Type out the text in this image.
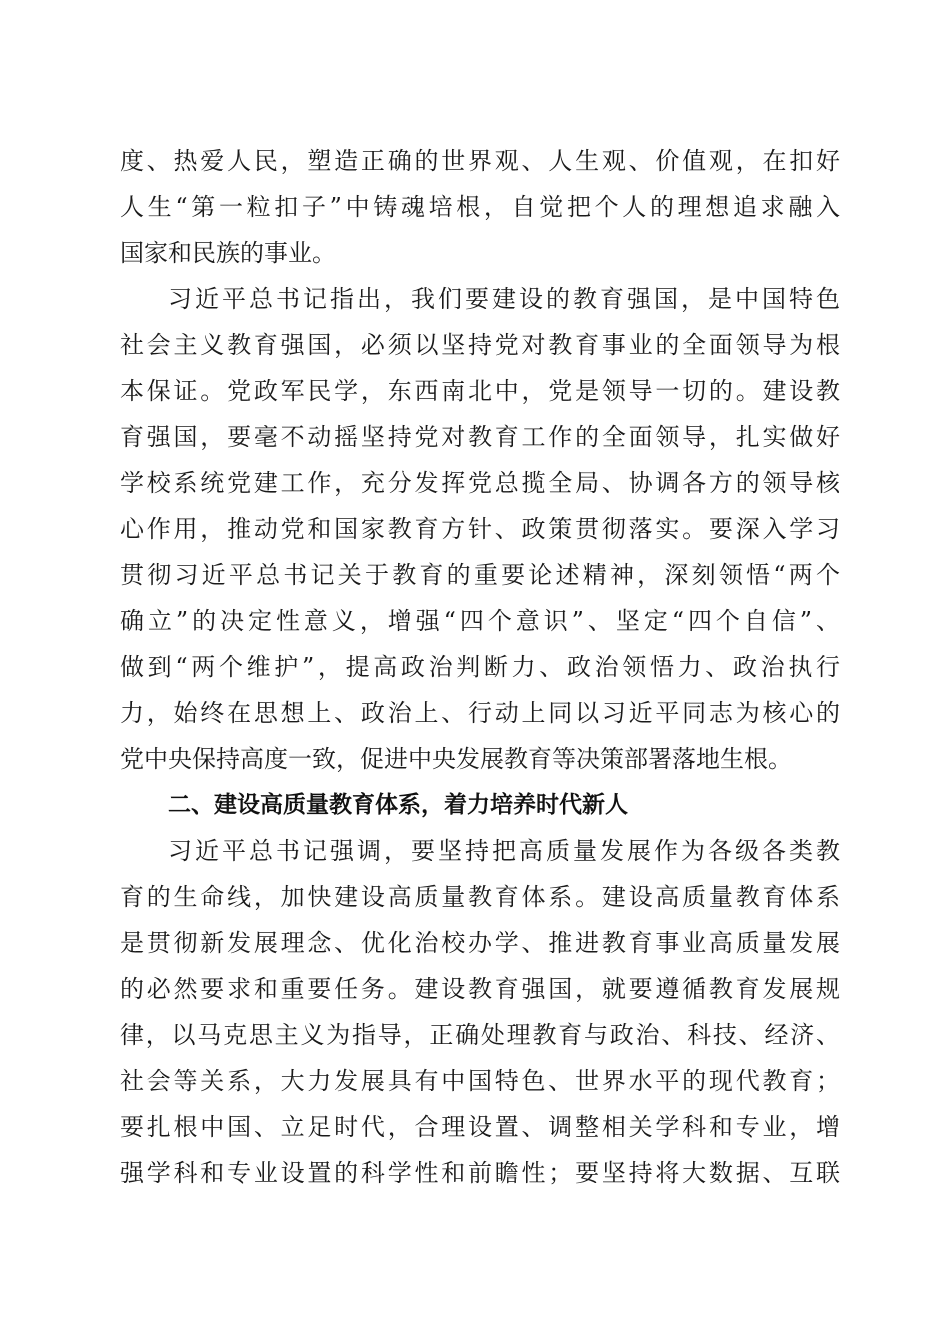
度、热爱人民，塑造正确的世界观、人生观、价值观，在扣好
人生“第一粒扣子”中铸魂培根，自觉把个人的理想追求融入
国家和民族的事业。
习近平总书记指出，我们要建设的教育强国，是中国特色
社会主义教育强国，必须以坚持党对教育事业的全面领导为根
本保证。党政军民学，东西南北中，党是领导一切的。建设教
育强国，要毫不动摇坚持党对教育工作的全面领导，扎实做好
学校系统党建工作，充分发挥党总揽全局、协调各方的领导核
心作用，推动党和国家教育方针、政策贯彻落实。要深入学习
贯彻习近平总书记关于教育的重要论述精神，深刻领悟“两个
确立”的决定性意义，增强“四个意识”、坚定“四个自信”、
做到“两个维护”，提高政治判断力、政治领悟力、政治执行
力，始终在思想上、政治上、行动上同以习近平同志为核心的
党中央保持高度一致，促进中央发展教育等决策部署落地生根。
二、建设高质量教育体系，着力培养时代新人
习近平总书记强调，要坚持把高质量发展作为各级各类教
育的生命线，加快建设高质量教育体系。建设高质量教育体系
是贯彻新发展理念、优化治校办学、推进教育事业高质量发展
的必然要求和重要任务。建设教育强国，就要遵循教育发展规
律，以马克思主义为指导，正确处理教育与政治、科技、经济、
社会等关系，大力发展具有中国特色、世界水平的现代教育；
要扎根中国、立足时代，合理设置、调整相关学科和专业，增
强学科和专业设置的科学性和前瞻性；要坚持将大数据、互联
